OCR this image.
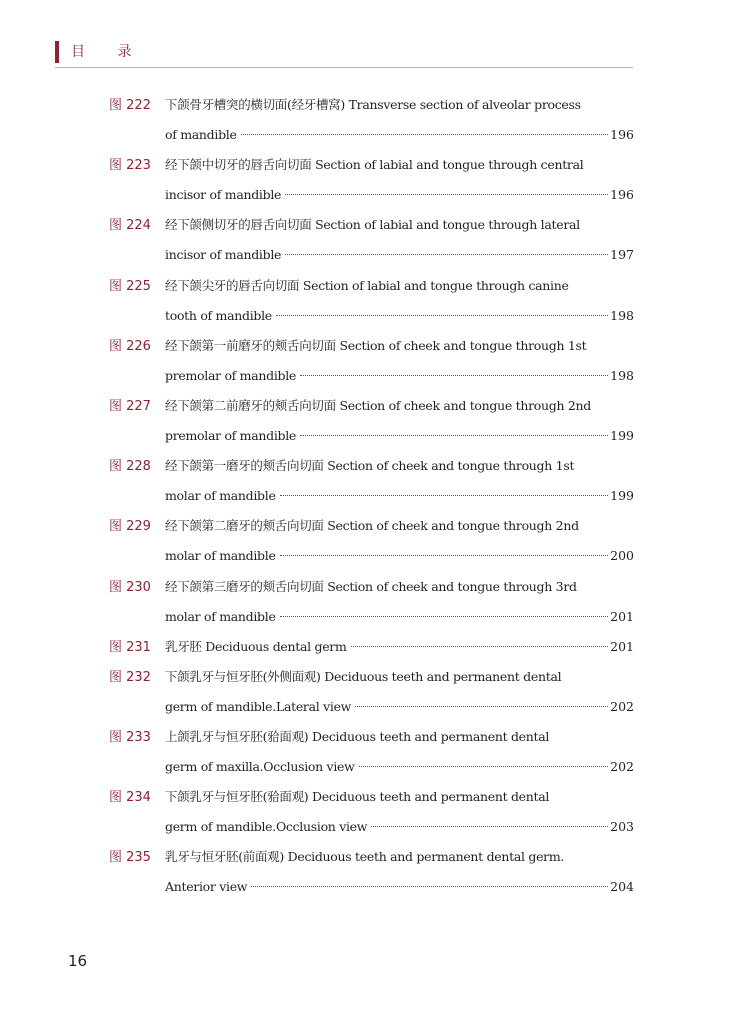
目 录
图 222 下颌骨牙槽突的横切面(经牙槽窝) Transverse section of alveolar process
of mandible	196
图 223 经下颌中切牙的唇舌向切面 Section of labial and tongue through central
incisor of mandible	196
图 224 经下颌侧切牙的唇舌向切面 Section of labial and tongue through lateral
incisor of mandible	197
图 225 经下颌尖牙的唇舌向切面 Section of labial and tongue through canine
tooth of mandible	198
图 226 经下颌第一前磨牙的颊舌向切面 Section of cheek and tongue through 1st
premolar of mandible	198
图 227 经下颌第二前磨牙的颊舌向切面 Section of cheek and tongue through 2nd
premolar of mandible	199
图 228 经下颌第一磨牙的颊舌向切面 Section of cheek and tongue through 1st
molar of mandible	199
图 229 经下颌第二磨牙的颊舌向切面 Section of cheek and tongue through 2nd
molar of mandible	200
图 230 经下颌第三磨牙的颊舌向切面 Section of cheek and tongue through 3rd
molar of mandible	201
图 231	乳牙胚 Deciduous dental germ	201
图 232 下颌乳牙与恒牙胚(外侧面观) Deciduous teeth and permanent dental
germ of mandible.Lateral view	202
图 233 上颌乳牙与恒牙胚(𬌗面观) Deciduous teeth and permanent dental
germ of maxilla.Occlusion view	202
图 234 下颌乳牙与恒牙胚(𬌗面观) Deciduous teeth and permanent dental
germ of mandible.Occlusion view	203
图 235 乳牙与恒牙胚(前面观) Deciduous teeth and permanent dental germ.
Anterior view	204
16
